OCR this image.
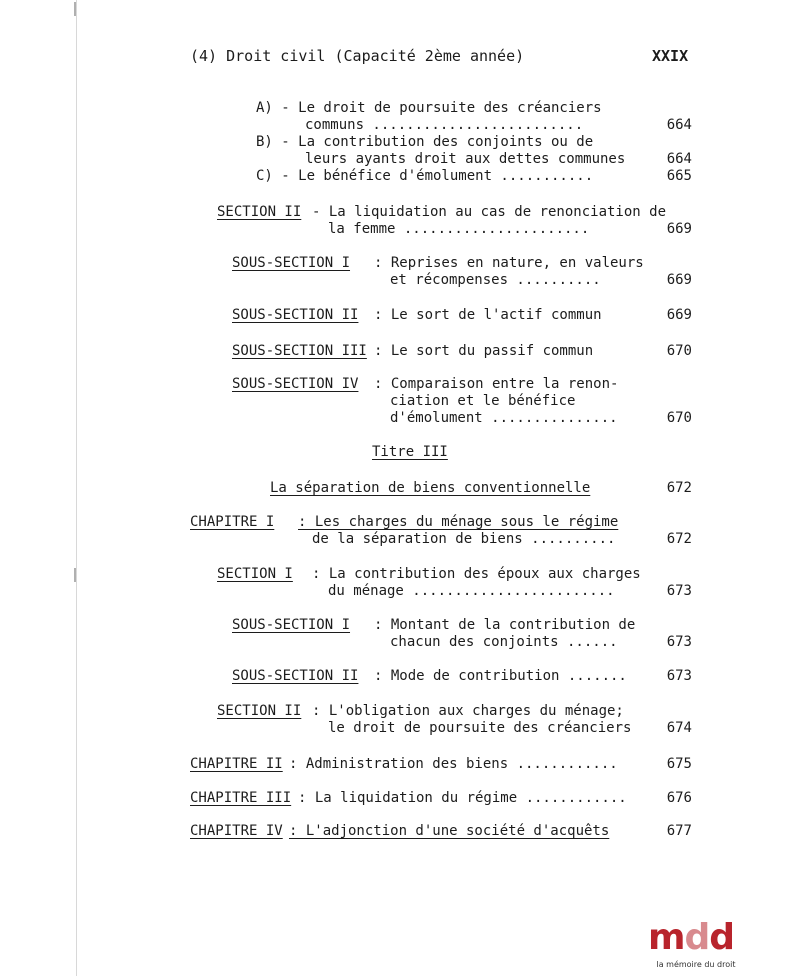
(4) Droit civil (Capacité 2ème année)	XXIX
A) - Le droit de poursuite des créanciers
communs .........................	664
B) - La contribution des conjoints ou de
leurs ayants droit aux dettes communes	664
C) - Le bénéfice d'émolument ...........	665
SECTION II - La liquidation au cas de renonciation de
la femme ......................	669
SOUS-SECTION I : Reprises en nature, en valeurs
et récompenses ..........	669
SOUS-SECTION II : Le sort de l'actif commun	669
SOUS-SECTION III : Le sort du passif commun	670
SOUS-SECTION IV : Comparaison entre la renon-
ciation et le bénéfice
d'émolument ...............	670
Titre III
La séparation de biens conventionnelle	672
CHAPITRE I : Les charges du ménage sous le régime
de la séparation de biens ..........	672
SECTION I : La contribution des époux aux charges
du ménage ........................	673
SOUS-SECTION I : Montant de la contribution de
chacun des conjoints ......	673
SOUS-SECTION II : Mode de contribution .......	673
SECTION II : L'obligation aux charges du ménage;
le droit de poursuite des créanciers	674
CHAPITRE II : Administration des biens ............	675
CHAPITRE III : La liquidation du régime ............	676
CHAPITRE IV : L'adjonction d'une société d'acquêts	677
mdd
la mémoire du droit
